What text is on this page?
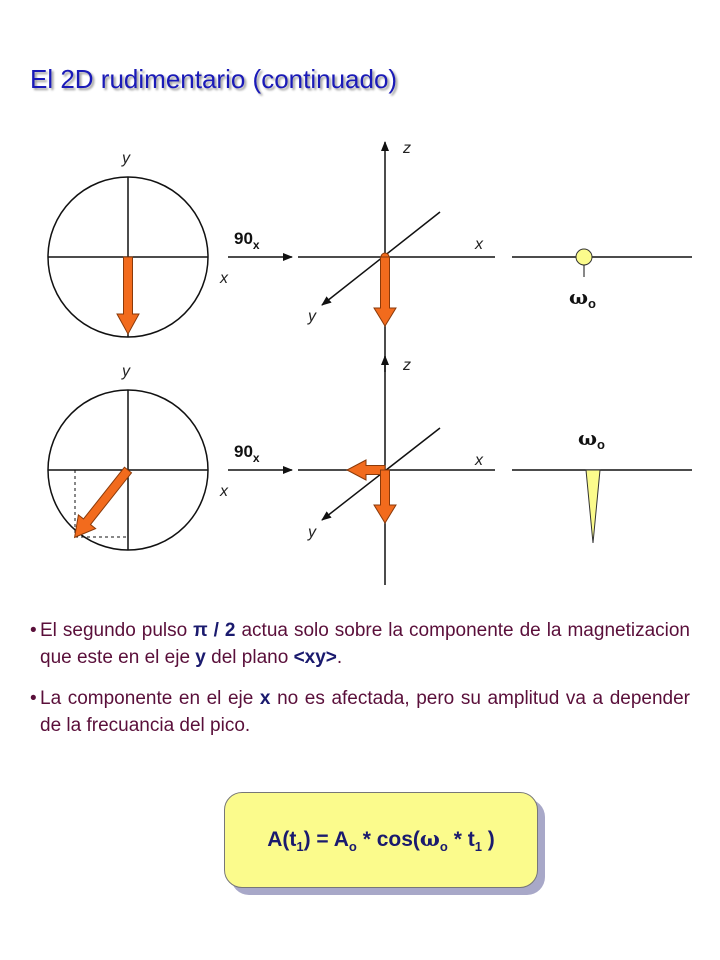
El 2D rudimentario (continuado)
y
x
$90_x$
z
x
y
$\omega_o$
y
x
$90_x$
z
x
y
$\omega_o$
• El segundo pulso π / 2 actua solo sobre la componente de la magnetizacion que este en el eje y del plano <xy>.
• La componente en el eje x no es afectada, pero su amplitud va a depender de la frecuancia del pico.
$A(t_1) = A_o * \cos(\omega_o * t_1$ )
